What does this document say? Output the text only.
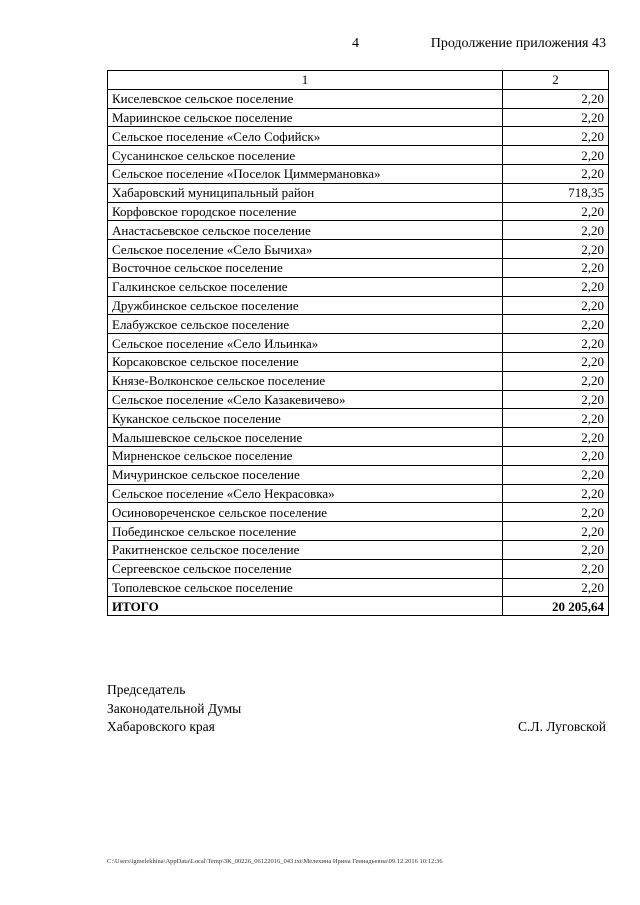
4	Продолжение приложения 43
1	2
Киселевское сельское поселение	2,20
Мариинское сельское поселение	2,20
Сельское поселение «Село Софийск»	2,20
Сусанинское сельское поселение	2,20
Сельское поселение «Поселок Циммермановка»	2,20
Хабаровский муниципальный район	718,35
Корфовское городское поселение	2,20
Анастасьевское сельское поселение	2,20
Сельское поселение «Село Бычиха»	2,20
Восточное сельское поселение	2,20
Галкинское сельское поселение	2,20
Дружбинское сельское поселение	2,20
Елабужское сельское поселение	2,20
Сельское поселение «Село Ильинка»	2,20
Корсаковское сельское поселение	2,20
Князе-Волконское сельское поселение	2,20
Сельское поселение «Село Казакевичево»	2,20
Куканское сельское поселение	2,20
Малышевское сельское поселение	2,20
Мирненское сельское поселение	2,20
Мичуринское сельское поселение	2,20
Сельское поселение «Село Некрасовка»	2,20
Осиновореченское сельское поселение	2,20
Побединское сельское поселение	2,20
Ракитненское сельское поселение	2,20
Сергеевское сельское поселение	2,20
Тополевское сельское поселение	2,20
ИТОГО	20 205,64
Председатель
Законодательной Думы
Хабаровского края	С.Л. Луговской
C:\Users\igmelekhina\AppData\Local\Temp\ЗК_00226_06122016_043.txt\Мелехина Ирина Геннадьевна\09.12.2016 10:12:36
